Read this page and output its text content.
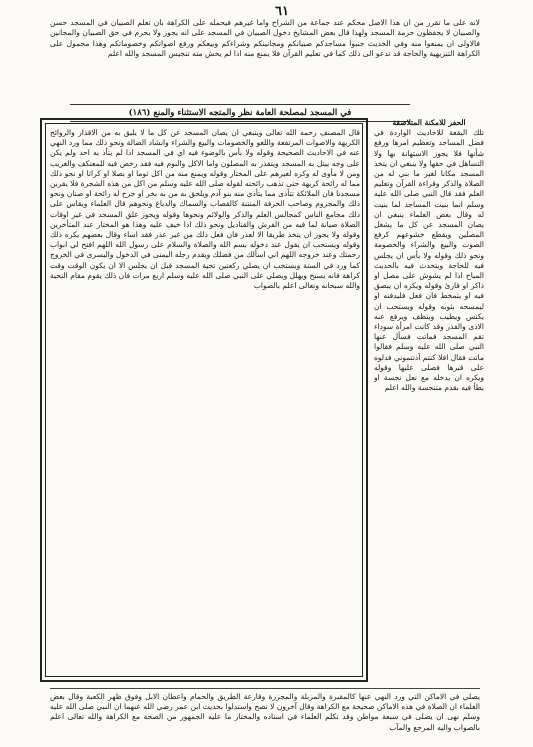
٦١
لانه على ما تقرر من ان هذا الاصل محكم عند جماعة من الشراح واما غيرهم فيحمله على الكراهة بان تعلم الصبيان في المسجد حسن والصبيان لا يحفظون حرمة المسجد ولهذا قال بعض المشايخ دخول الصبيان في المسجد على انه يجوز ولا يحرم في حق الصبيان والمجانين فالاولى ان يمنعوا منه وفي الحديث جنبوا مساجدكم صبيانكم ومجانينكم وشراءكم وبيعكم ورفع اصواتكم وخصوماتكم وهذا محمول على الكراهة التنزيهية والحاجة قد تدعو الى ذلك كما في تعليم القرآن فلا يمنع منه اذا لم يخش منه تنجيس المسجد والله اعلم
في المسجد لمصلحة العامة نظر والمتجه الاستثناء والمنع (١٨٦)
قال المصنف رحمه الله تعالى وينبغي ان يصان المسجد عن كل ما لا يليق به من الاقذار والروائح الكريهة والاصوات المرتفعة واللغو والخصومات والبيع والشراء وانشاد الضالة ونحو ذلك مما ورد النهي عنه في الاحاديث الصحيحة وقوله ولا بأس بالوضوء فيه اي في المسجد اذا لم يتأذ به احد ولم يكن على وجه يبتل به المسجد ويتقذر به المصلون واما الاكل والنوم فيه فقد رخص فيه للمعتكف والغريب ومن لا مأوى له وكره لغيرهم على المختار وقوله ويمنع منه من اكل ثوما او بصلا او كراثا او نحو ذلك مما له رائحة كريهة حتى تذهب رائحته لقوله صلى الله عليه وسلم من اكل من هذه الشجرة فلا يقربن مسجدنا فان الملائكة تتأذى مما يتأذى منه بنو آدم ويلحق به من به بخر او جرح له رائحة او صنان ونحو ذلك والمجزوم وصاحب الحرفة المنتنة كالقصاب والسماك والدباغ ونحوهم قال العلماء ويقاس على ذلك مجامع الناس كمجالس العلم والذكر والولائم ونحوها وقوله ويجوز غلق المسجد في غير اوقات الصلاة صيانة لما فيه من الفرش والقناديل ونحو ذلك اذا خيف عليه وهذا هو المختار عند المتأخرين وقوله ولا يجوز ان يتخذ طريقا الا لعذر فان فعل ذلك من غير عذر فقد اساء وقال بعضهم يكره ذلك وقوله ويستحب ان يقول عند دخوله بسم الله والصلاة والسلام على رسول الله اللهم افتح لي ابواب رحمتك وعند خروجه اللهم اني اسألك من فضلك ويقدم رجله اليمنى في الدخول واليسرى في الخروج كما ورد في السنة ويستحب ان يصلي ركعتين تحية المسجد قبل ان يجلس الا ان يكون الوقت وقت كراهة فانه يسبح ويهلل ويصلي على النبي صلى الله عليه وسلم اربع مرات فان ذلك يقوم مقام التحية والله سبحانه وتعالى اعلم بالصواب
الحفر للامكنة المتلاصقة
تلك البقعة للاحاديث الواردة في فضل المساجد وتعظيم امرها ورفع شأنها فلا يجوز الاستهانة بها ولا التساهل في حقها ولا ينبغي ان يتخذ المسجد مكانا لغير ما بني له من الصلاة والذكر وقراءة القرآن وتعليم العلم فقد قال النبي صلى الله عليه وسلم انما بنيت المساجد لما بنيت له وقال بعض العلماء ينبغي ان يصان المسجد عن كل ما يشغل المصلين ويقطع خشوعهم كرفع الصوت والبيع والشراء والخصومة ونحو ذلك وقوله ولا بأس ان يجلس فيه للحاجة ويتحدث فيه بالحديث المباح اذا لم يشوش على مصل او ذاكر او قارئ وقوله ويكره ان يبصق فيه او يتمخط فان فعل فليدفنه او ليمسحه بثوبه وقوله ويستحب ان يكنس ويطيب وينظف ويرفع عنه الاذى والقذر وقد كانت امرأة سوداء تقم المسجد فماتت فسأل عنها النبي صلى الله عليه وسلم فقالوا ماتت فقال افلا كنتم آذنتموني فدلوه على قبرها فصلى عليها وقوله ويكره ان يدخله مع نعل نجسة او يطأ فيه بقدم متنجسة والله اعلم
يصلي في الاماكن التي ورد النهي عنها كالمقبرة والمزبلة والمجزرة وقارعة الطريق والحمام واعطان الابل وفوق ظهر الكعبة وقال بعض العلماء ان الصلاة في هذه الاماكن صحيحة مع الكراهة وقال آخرون لا تصح واستدلوا بحديث ابن عمر رضي الله عنهما ان النبي صلى الله عليه وسلم نهى ان يصلى في سبعة مواطن وقد تكلم العلماء في اسناده والمختار ما عليه الجمهور من الصحة مع الكراهة والله تعالى اعلم بالصواب واليه المرجع والمآب
